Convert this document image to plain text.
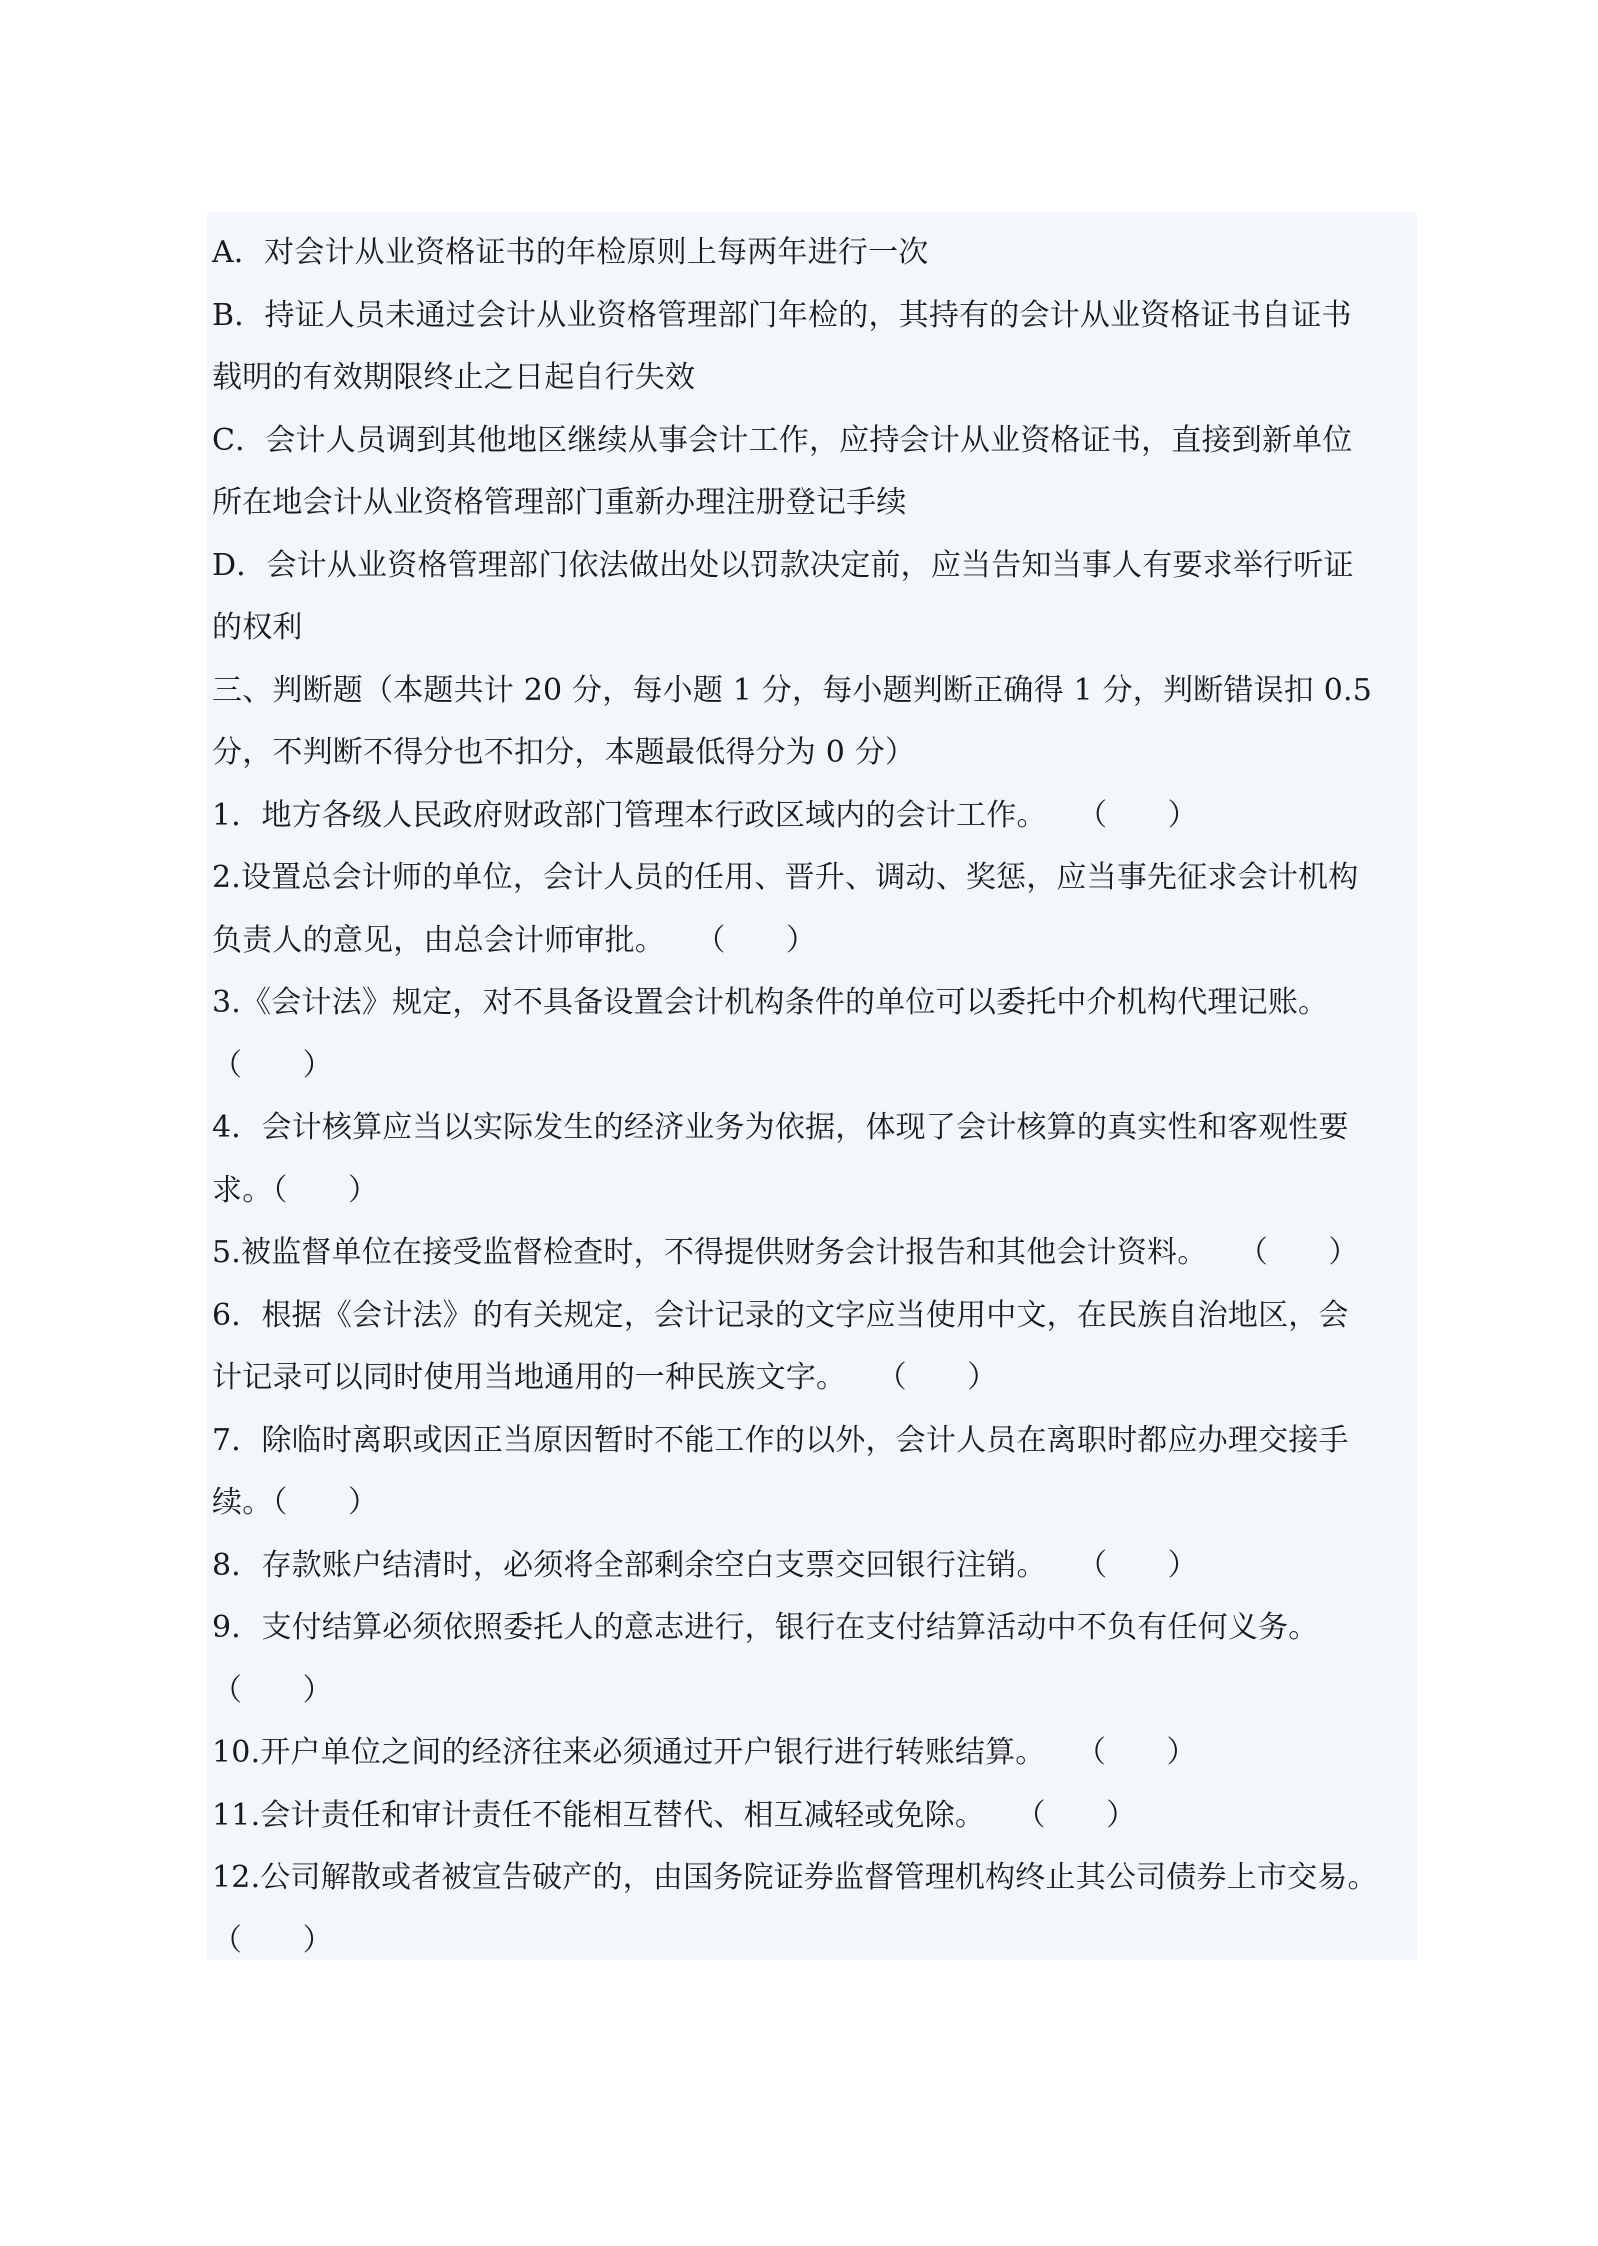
A．对会计从业资格证书的年检原则上每两年进行一次
B．持证人员未通过会计从业资格管理部门年检的，其持有的会计从业资格证书自证书
载明的有效期限终止之日起自行失效
C．会计人员调到其他地区继续从事会计工作，应持会计从业资格证书，直接到新单位
所在地会计从业资格管理部门重新办理注册登记手续
D．会计从业资格管理部门依法做出处以罚款决定前，应当告知当事人有要求举行听证
的权利
三、判断题（本题共计 20 分，每小题 1 分，每小题判断正确得 1 分，判断错误扣 0.5
分，不判断不得分也不扣分，本题最低得分为 0 分）
1．地方各级人民政府财政部门管理本行政区域内的会计工作。　　（　　）
2.设置总会计师的单位，会计人员的任用、晋升、调动、奖惩，应当事先征求会计机构
负责人的意见，由总会计师审批。　　（　　）
3.《会计法》规定，对不具备设置会计机构条件的单位可以委托中介机构代理记账。
（　　）
4．会计核算应当以实际发生的经济业务为依据，体现了会计核算的真实性和客观性要
求。（　　）
5.被监督单位在接受监督检查时，不得提供财务会计报告和其他会计资料。　　（　　）
6．根据《会计法》的有关规定，会计记录的文字应当使用中文，在民族自治地区，会
计记录可以同时使用当地通用的一种民族文字。　　（　　）
7．除临时离职或因正当原因暂时不能工作的以外，会计人员在离职时都应办理交接手
续。（　　）
8．存款账户结清时，必须将全部剩余空白支票交回银行注销。　　（　　）
9．支付结算必须依照委托人的意志进行，银行在支付结算活动中不负有任何义务。
（　　）
10.开户单位之间的经济往来必须通过开户银行进行转账结算。　　（　　）
11.会计责任和审计责任不能相互替代、相互减轻或免除。　　（　　）
12.公司解散或者被宣告破产的，由国务院证券监督管理机构终止其公司债券上市交易。
（　　）
